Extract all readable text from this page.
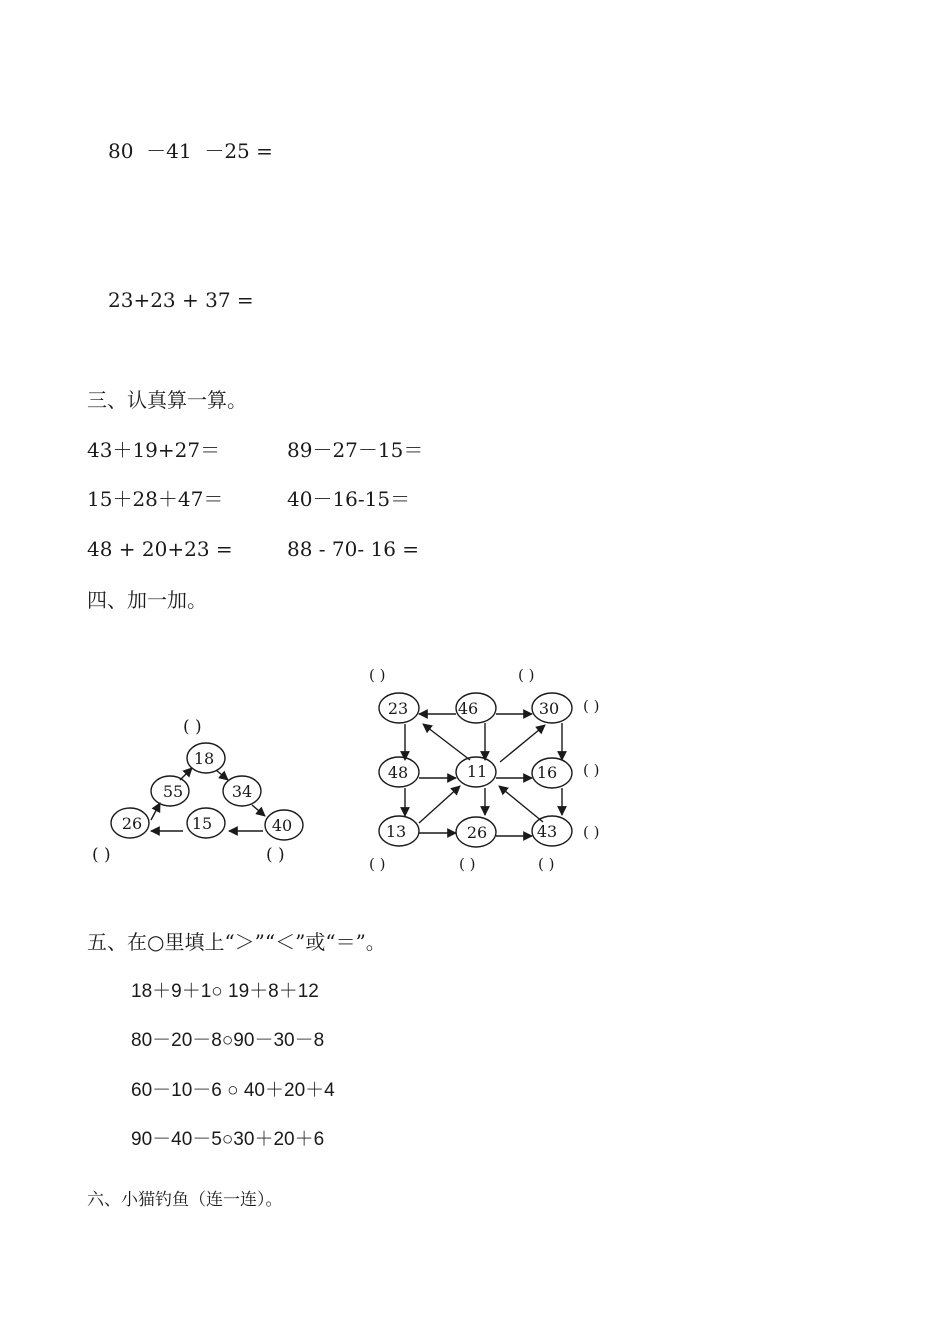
80  －41  －25 =
23+23 + 37 =
三、认真算一算。
43＋19+27＝	89－27－15＝
15＋28＋47＝	40－16-15＝
48 + 20+23 =	88 - 70- 16 =
四、加一加。
18
55	34
26	15	40
( )
( )	( )
23	46	30
48	11	16
13	26	43
( )	( )
( )
( )
( )
( )	( )	( )
五、在○里填上“＞”“＜”或“＝”。
18＋9＋1○ 19＋8＋12
80－20－8○90－30－8
60－10－6 ○ 40＋20＋4
90－40－5○30＋20＋6
六、小猫钓鱼（连一连）。
